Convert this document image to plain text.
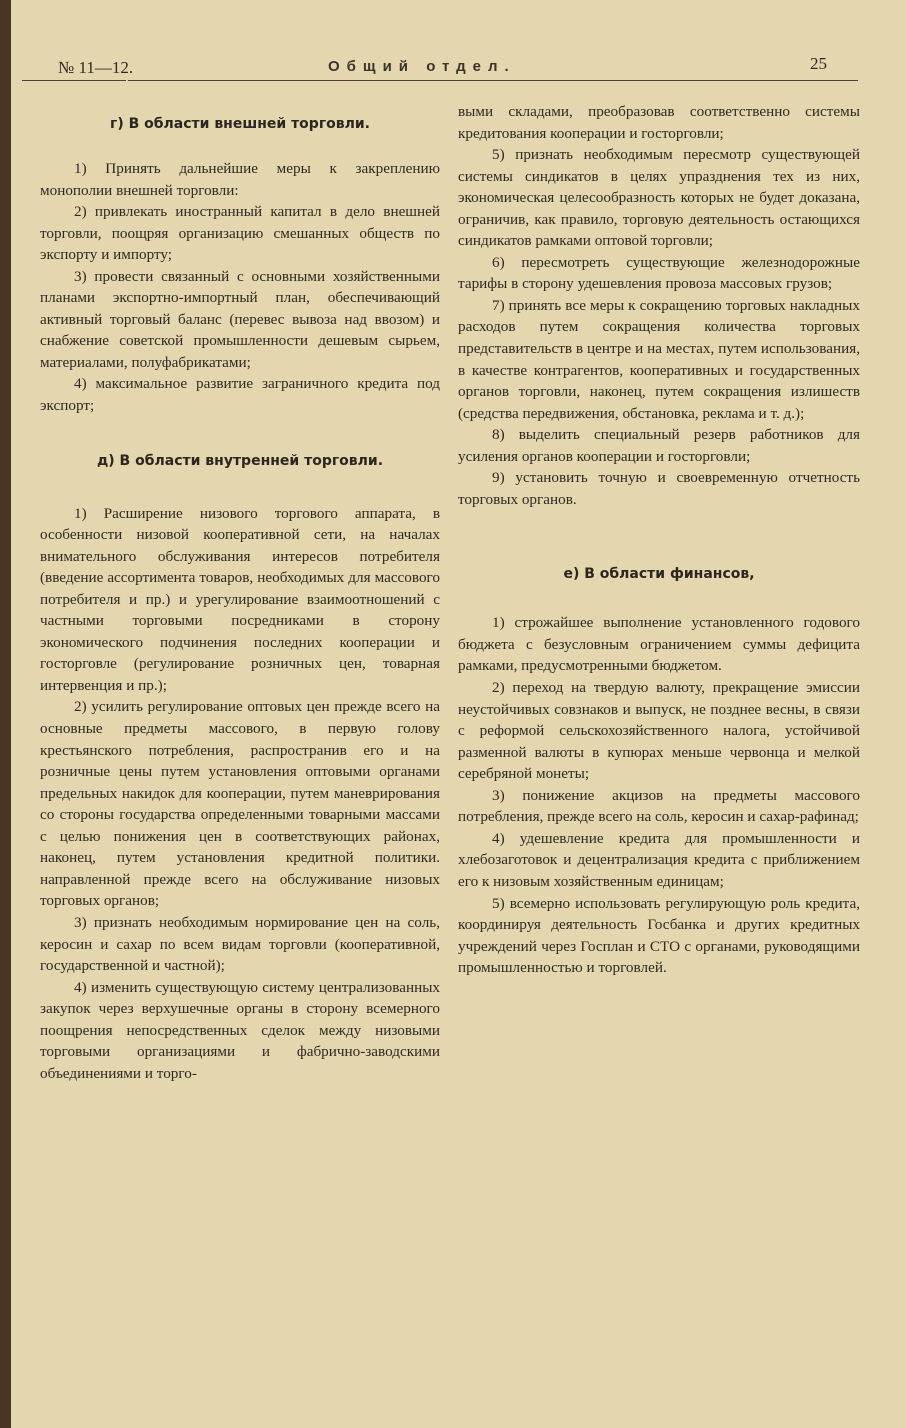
№ 11—12.	Общий отдел.	25
г) В области внешней торговли.

1) Принять дальнейшие меры к закреплению монополии внешней торговли:

2) привлекать иностранный капитал в дело внешней торговли, поощряя организацию смешанных обществ по экспорту и импорту;

3) провести связанный с основными хозяйственными планами экспортно-импортный план, обеспечивающий активный торговый баланс (перевес вывоза над ввозом) и снабжение советской промышленности дешевым сырьем, материалами, полуфабрикатами;

4) максимальное развитие заграничного кредита под экспорт;

д) В области внутренней торговли.

1) Расширение низового торгового аппарата, в особенности низовой кооперативной сети, на началах внимательного обслуживания интересов потребителя (введение ассортимента товаров, необходимых для массового потребителя и пр.) и урегулирование взаимоотношений с частными торговыми посредниками в сторону экономического подчинения последних кооперации и госторговле (регулирование розничных цен, товарная интервенция и пр.);

2) усилить регулирование оптовых цен прежде всего на основные предметы массового, в первую голову крестьянского потребления, распространив его и на розничные цены путем установления оптовыми органами предельных накидок для кооперации, путем маневрирования со стороны государства определенными товарными массами с целью понижения цен в соответствующих районах, наконец, путем установления кредитной политики. направленной прежде всего на обслуживание низовых торговых органов;

3) признать необходимым нормирование цен на соль, керосин и сахар по всем видам торговли (кооперативной, государственной и частной);

4) изменить существующую систему централизованных закупок через верхушечные органы в сторону всемерного поощрения непосредственных сделок между низовыми торговыми организациями и фабрично-заводскими объединениями и торго-

выми складами, преобразовав соответственно системы кредитования кооперации и госторговли;

5) признать необходимым пересмотр существующей системы синдикатов в целях упразднения тех из них, экономическая целесообразность которых не будет доказана, ограничив, как правило, торговую деятельность остающихся синдикатов рамками оптовой торговли;

6) пересмотреть существующие железнодорожные тарифы в сторону удешевления провоза массовых грузов;

7) принять все меры к сокращению торговых накладных расходов путем сокращения количества торговых представительств в центре и на местах, путем использования, в качестве контрагентов, кооперативных и государственных органов торговли, наконец, путем сокращения излишеств (средства передвижения, обстановка, реклама и т. д.);

8) выделить специальный резерв работников для усиления органов кооперации и госторговли;

9) установить точную и своевременную отчетность торговых органов.

е) В области финансов,

1) строжайшее выполнение установленного годового бюджета с безусловным ограничением суммы дефицита рамками, предусмотренными бюджетом.

2) переход на твердую валюту, прекращение эмиссии неустойчивых совзнаков и выпуск, не позднее весны, в связи с реформой сельскохозяйственного налога, устойчивой разменной валюты в купюрах меньше червонца и мелкой серебряной монеты;

3) понижение акцизов на предметы массового потребления, прежде всего на соль, керосин и сахар-рафинад;

4) удешевление кредита для промышленности и хлебозаготовок и децентрализация кредита с приближением его к низовым хозяйственным единицам;

5) всемерно использовать регулирующую роль кредита, координируя деятельность Госбанка и других кредитных учреждений через Госплан и СТО с органами, руководящими промышленностью и торговлей.
